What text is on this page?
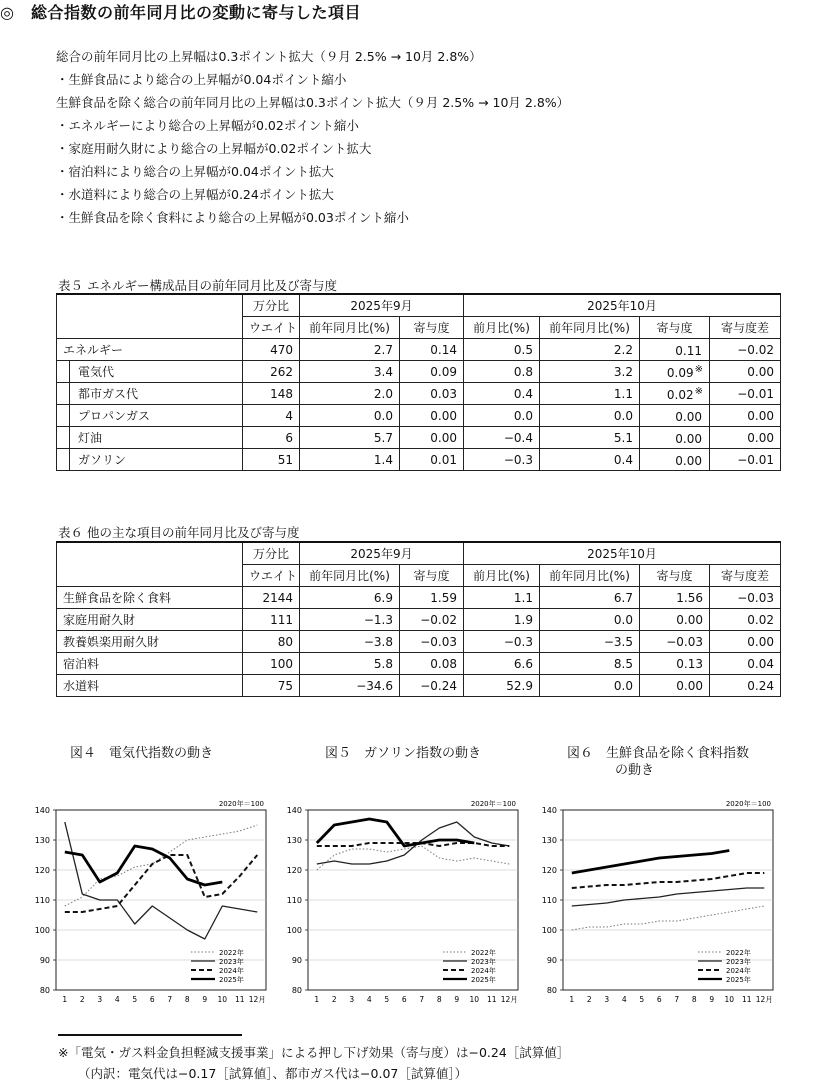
◎　総合指数の前年同月比の変動に寄与した項目
総合の前年同月比の上昇幅は0.3ポイント拡大（９月 2.5% → 10月 2.8%）
・生鮮食品により総合の上昇幅が0.04ポイント縮小
生鮮食品を除く総合の前年同月比の上昇幅は0.3ポイント拡大（９月 2.5% → 10月 2.8%）
・エネルギーにより総合の上昇幅が0.02ポイント縮小
・家庭用耐久財により総合の上昇幅が0.02ポイント拡大
・宿泊料により総合の上昇幅が0.04ポイント拡大
・水道料により総合の上昇幅が0.24ポイント拡大
・生鮮食品を除く食料により総合の上昇幅が0.03ポイント縮小
表５ エネルギー構成品目の前年同月比及び寄与度
	万分比	2025年9月		2025年10月			
	ウエイト	前年同月比(%)	寄与度	前月比(%)	前年同月比(%)	寄与度	寄与度差
エネルギー	470	2.7	0.14	0.5	2.2	0.11	−0.02

電気代	262	3.4	0.09	0.8	3.2	0.09※	0.00

都市ガス代	148	2.0	0.03	0.4	1.1	0.02※	−0.01

プロパンガス	4	0.0	0.00	0.0	0.0	0.00	0.00

灯油	6	5.7	0.00	−0.4	5.1	0.00	0.00

ガソリン	51	1.4	0.01	−0.3	0.4	0.00	−0.01
表６ 他の主な項目の前年同月比及び寄与度
	万分比	2025年9月		2025年10月			
	ウエイト	前年同月比(%)	寄与度	前月比(%)	前年同月比(%)	寄与度	寄与度差
生鮮食品を除く食料	2144	6.9	1.59	1.1	6.7	1.56	−0.03
家庭用耐久財	111	−1.3	−0.02	1.9	0.0	0.00	0.02
教養娯楽用耐久財	80	−3.8	−0.03	−0.3	−3.5	−0.03	0.00
宿泊料	100	5.8	0.08	6.6	8.5	0.13	0.04
水道料	75	−34.6	−0.24	52.9	0.0	0.00	0.24
図４　電気代指数の動き	図５　ガソリン指数の動き	図６　生鮮食品を除く食料指数
の動き
2020年＝100
140
130
120
110
100
90
80
1 2 3 4 5 6 7 8 9 10 11 12月
2022年
2023年
2024年
2025年
2020年＝100
140
130
120
110
100
90
80
1 2 3 4 5 6 7 8 9 10 11 12月
2022年
2023年
2024年
2025年
2020年＝100
140
130
120
110
100
90
80
1 2 3 4 5 6 7 8 9 10 11 12月
2022年
2023年
2024年
2025年
※「電気・ガス料金負担軽減支援事業」による押し下げ効果（寄与度）は−0.24［試算値］
（内訳：電気代は−0.17［試算値］、都市ガス代は−0.07［試算値］）
